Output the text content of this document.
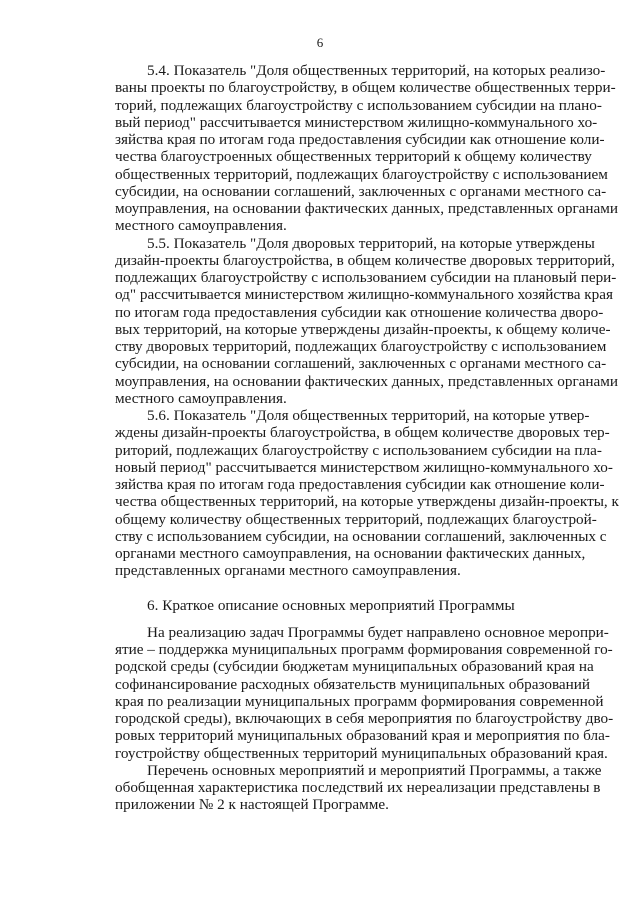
6
5.4. Показатель "Доля общественных территорий, на которых реализо-
ваны проекты по благоустройству, в общем количестве общественных терри-
торий, подлежащих благоустройству с использованием субсидии на плано-
вый период" рассчитывается министерством жилищно-коммунального хо-
зяйства края по итогам года предоставления субсидии как отношение коли-
чества благоустроенных общественных территорий к общему количеству
общественных территорий, подлежащих благоустройству с использованием
субсидии, на основании соглашений, заключенных с органами местного са-
моуправления, на основании фактических данных, представленных органами
местного самоуправления.
5.5. Показатель "Доля дворовых территорий, на которые утверждены
дизайн-проекты благоустройства, в общем количестве дворовых территорий,
подлежащих благоустройству с использованием субсидии на плановый пери-
од" рассчитывается министерством жилищно-коммунального хозяйства края
по итогам года предоставления субсидии как отношение количества дворо-
вых территорий, на которые утверждены дизайн-проекты, к общему количе-
ству дворовых территорий, подлежащих благоустройству с использованием
субсидии, на основании соглашений, заключенных с органами местного са-
моуправления, на основании фактических данных, представленных органами
местного самоуправления.
5.6. Показатель "Доля общественных территорий, на которые утвер-
ждены дизайн-проекты благоустройства, в общем количестве дворовых тер-
риторий, подлежащих благоустройству с использованием субсидии на пла-
новый период" рассчитывается министерством жилищно-коммунального хо-
зяйства края по итогам года предоставления субсидии как отношение коли-
чества общественных территорий, на которые утверждены дизайн-проекты, к
общему количеству общественных территорий, подлежащих благоустрой-
ству с использованием субсидии, на основании соглашений, заключенных с
органами местного самоуправления, на основании фактических данных,
представленных органами местного самоуправления.
6. Краткое описание основных мероприятий Программы
На реализацию задач Программы будет направлено основное меропри-
ятие – поддержка муниципальных программ формирования современной го-
родской среды (субсидии бюджетам муниципальных образований края на
софинансирование расходных обязательств муниципальных образований
края по реализации муниципальных программ формирования современной
городской среды), включающих в себя мероприятия по благоустройству дво-
ровых территорий муниципальных образований края и мероприятия по бла-
гоустройству общественных территорий муниципальных образований края.
Перечень основных мероприятий и мероприятий Программы, а также
обобщенная характеристика последствий их нереализации представлены в
приложении № 2 к настоящей Программе.
